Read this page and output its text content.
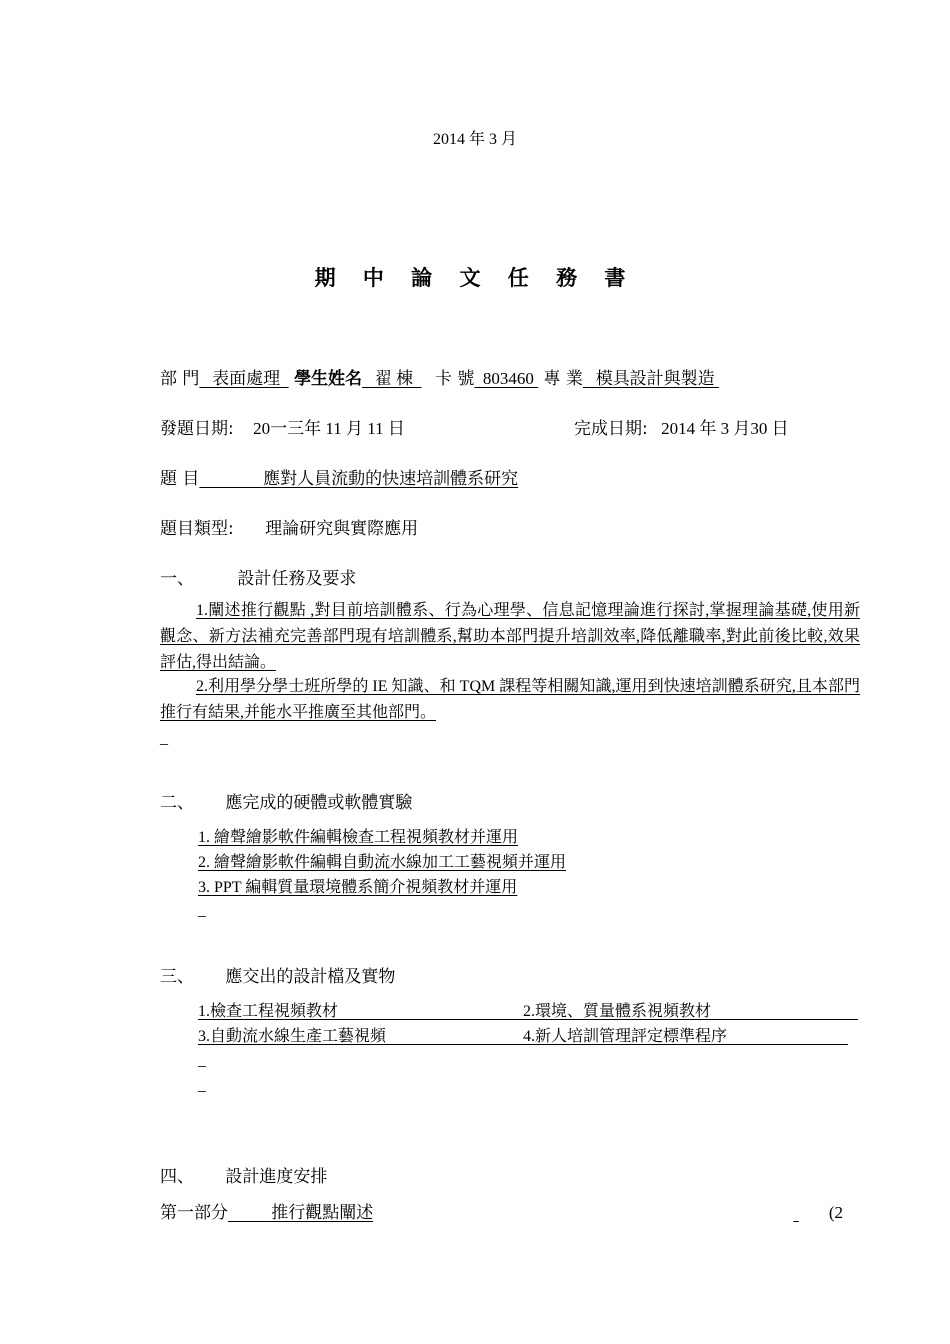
2014 年 3 月
期 中 論 文 任 務 書
部 門 表面處理 學生姓名 翟 棟 卡 號 803460 專 業 模具設計與製造
發題日期: 20一三年 11 月 11 日	完成日期: 2014 年 3 月30 日
題 目	應對人員流動的快速培訓體系研究
題目類型: 理論研究與實際應用
一、	設計任務及要求
1.闡述推行觀點 ,對目前培訓體系、行為心理學、信息記憶理論進行探討,掌握理論基礎,使用新觀念、新方法補充完善部門現有培訓體系,幫助本部門提升培訓效率,降低離職率,對此前後比較,效果評估,得出結論。
2.利用學分學士班所學的 IE 知識、和 TQM 課程等相關知識,運用到快速培訓體系研究,且本部門推行有結果,并能水平推廣至其他部門。
_
二、 應完成的硬體或軟體實驗
1. 繪聲繪影軟件編輯檢查工程視頻教材并運用
2. 繪聲繪影軟件編輯自動流水線加工工藝視頻并運用
3. PPT 編輯質量環境體系簡介視頻教材并運用
_
三、 應交出的設計檔及實物
1.檢查工程視頻教材	2.環境、質量體系視頻教材
3.自動流水線生產工藝視頻	4.新人培訓管理評定標準程序
_
_
四、 設計進度安排
第一部分	推行觀點闡述	(2
